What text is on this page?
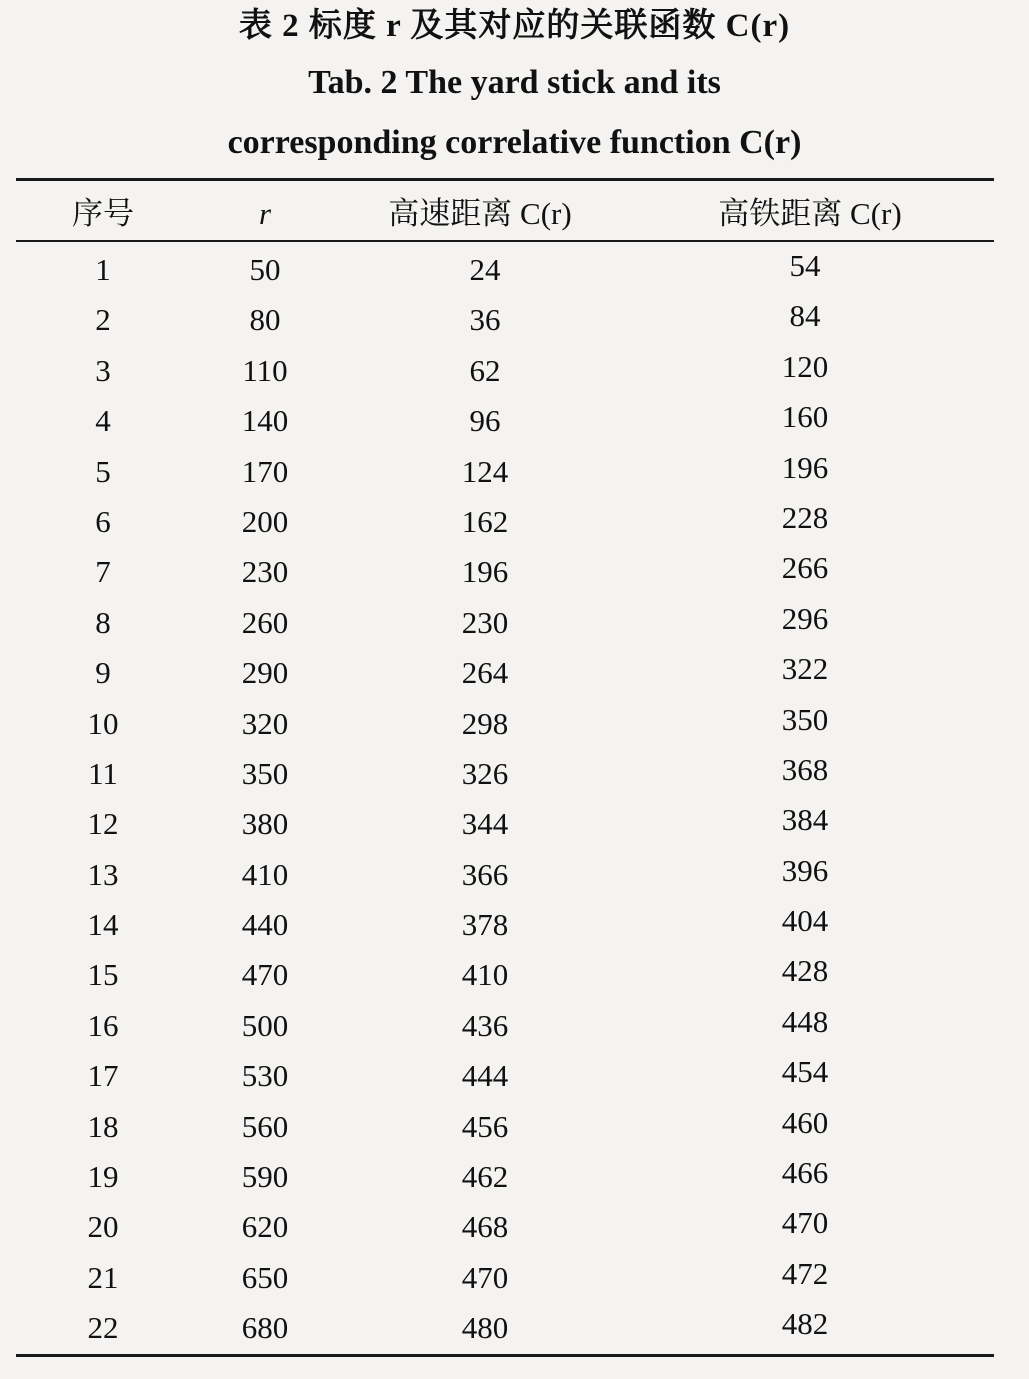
表 2 标度 r 及其对应的关联函数 C(r)
Tab. 2 The yard stick and its
corresponding correlative function C(r)
序号	r	高速距离 C(r)	高铁距离 C(r)
1	50	24	54
2	80	36	84
3	110	62	120
4	140	96	160
5	170	124	196
6	200	162	228
7	230	196	266
8	260	230	296
9	290	264	322
10	320	298	350
11	350	326	368
12	380	344	384
13	410	366	396
14	440	378	404
15	470	410	428
16	500	436	448
17	530	444	454
18	560	456	460
19	590	462	466
20	620	468	470
21	650	470	472
22	680	480	482
